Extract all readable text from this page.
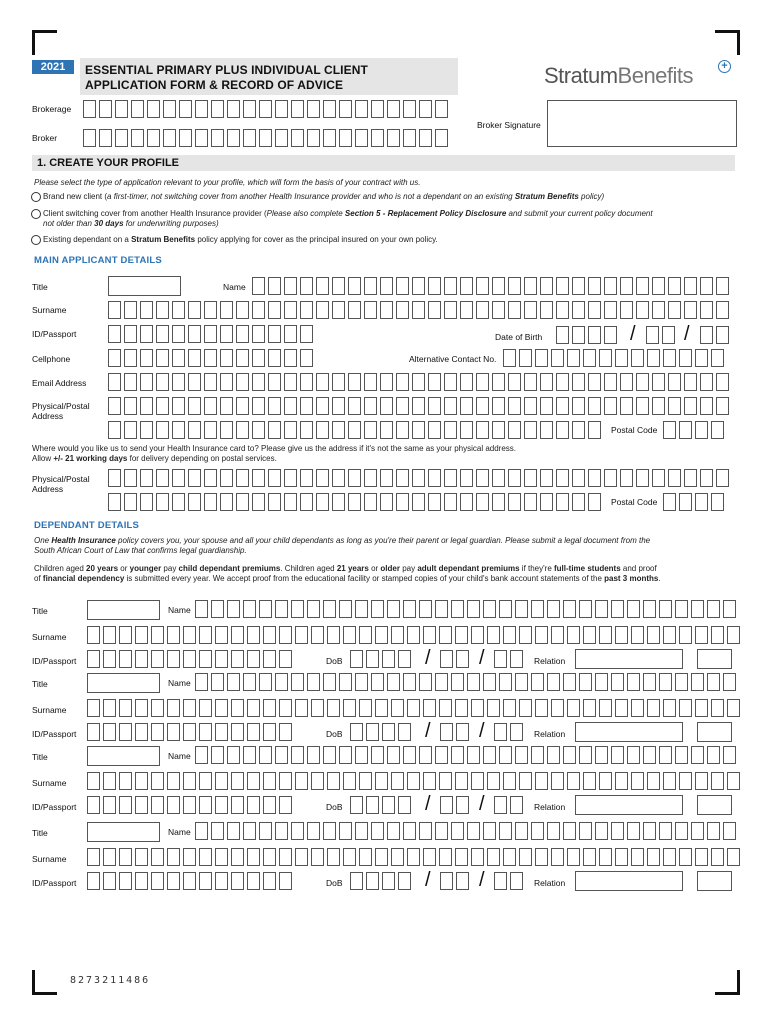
2021	ESSENTIAL PRIMARY PLUS INDIVIDUAL CLIENT
APPLICATION FORM & RECORD OF ADVICE	StratumBenefits	+
Brokerage
Broker
Broker Signature
1. CREATE YOUR PROFILE
Please select the type of application relevant to your profile, which will form the basis of your contract with us.
Brand new client (a first-timer, not switching cover from another Health Insurance provider and who is not a dependant on an existing Stratum Benefits policy)
Client switching cover from another Health Insurance provider (Please also complete Section 5 - Replacement Policy Disclosure and submit your current policy document
not older than 30 days for underwriting purposes)
Existing dependant on a Stratum Benefits policy applying for cover as the principal insured on your own policy.
MAIN APPLICANT DETAILS
Title	Name
Surname
ID/Passport	Date of Birth	/ /
Cellphone	Alternative Contact No.
Email Address
Physical/Postal
Address
Postal Code
Where would you like us to send your Health Insurance card to? Please give us the address if it's not the same as your physical address.
Allow +/- 21 working days for delivery depending on postal services.
Physical/Postal
Address
Postal Code
DEPENDANT DETAILS
One Health Insurance policy covers you, your spouse and all your child dependants as long as you're their parent or legal guardian. Please submit a legal document from the
South African Court of Law that confirms legal guardianship.
Children aged 20 years or younger pay child dependant premiums. Children aged 21 years or older pay adult dependant premiums if they're full-time students and proof
of financial dependency is submitted every year. We accept proof from the educational facility or stamped copies of your child's bank account statements of the past 3 months.
Title	Name
Surname
ID/Passport	DoB	/ /	Relation
Title	Name
Surname
ID/Passport	DoB	/ /	Relation
Title	Name
Surname
ID/Passport	DoB	/ /	Relation
Title	Name
Surname
ID/Passport	DoB	/ /	Relation
8273211486
